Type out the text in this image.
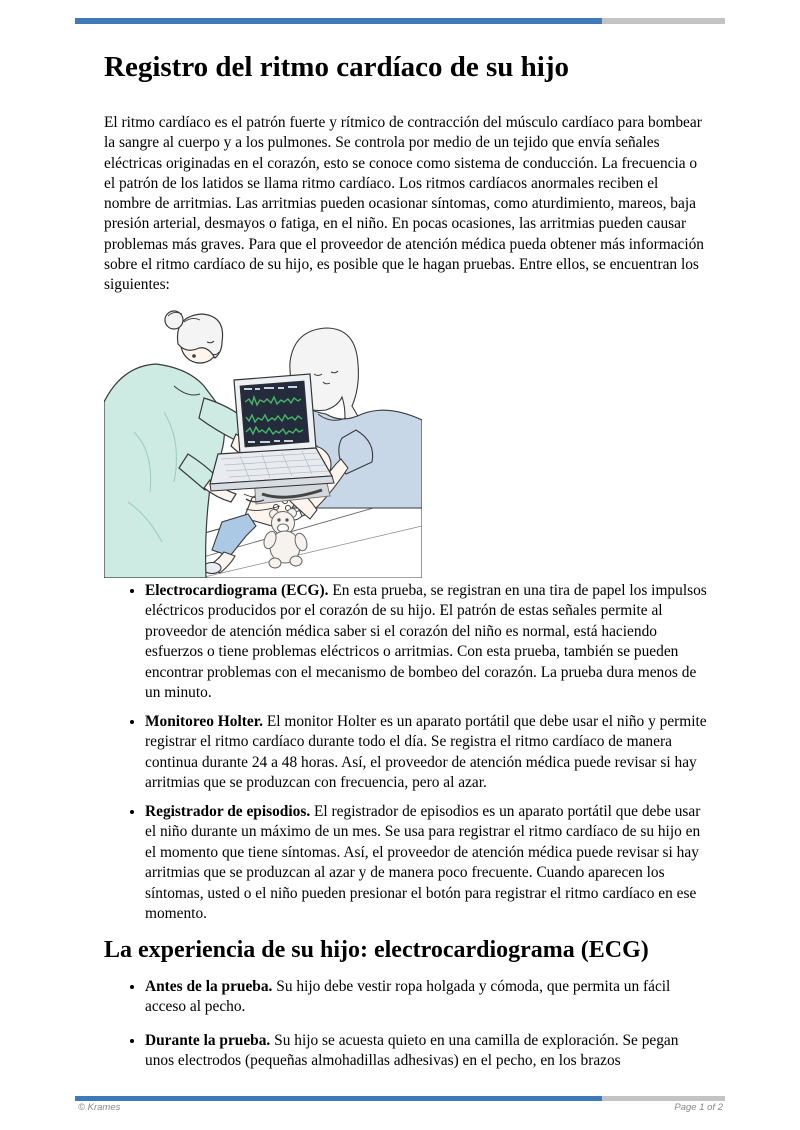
Registro del ritmo cardíaco de su hijo

El ritmo cardíaco es el patrón fuerte y rítmico de contracción del músculo cardíaco para bombear la sangre al cuerpo y a los pulmones. Se controla por medio de un tejido que envía señales eléctricas originadas en el corazón, esto se conoce como sistema de conducción. La frecuencia o el patrón de los latidos se llama ritmo cardíaco. Los ritmos cardíacos anormales reciben el nombre de arritmias. Las arritmias pueden ocasionar síntomas, como aturdimiento, mareos, baja presión arterial, desmayos o fatiga, en el niño. En pocas ocasiones, las arritmias pueden causar problemas más graves. Para que el proveedor de atención médica pueda obtener más información sobre el ritmo cardíaco de su hijo, es posible que le hagan pruebas. Entre ellos, se encuentran los siguientes:

• Electrocardiograma (ECG). En esta prueba, se registran en una tira de papel los impulsos eléctricos producidos por el corazón de su hijo. El patrón de estas señales permite al proveedor de atención médica saber si el corazón del niño es normal, está haciendo esfuerzos o tiene problemas eléctricos o arritmias. Con esta prueba, también se pueden encontrar problemas con el mecanismo de bombeo del corazón. La prueba dura menos de un minuto.
• Monitoreo Holter. El monitor Holter es un aparato portátil que debe usar el niño y permite registrar el ritmo cardíaco durante todo el día. Se registra el ritmo cardíaco de manera continua durante 24 a 48 horas. Así, el proveedor de atención médica puede revisar si hay arritmias que se produzcan con frecuencia, pero al azar.
• Registrador de episodios. El registrador de episodios es un aparato portátil que debe usar el niño durante un máximo de un mes. Se usa para registrar el ritmo cardíaco de su hijo en el momento que tiene síntomas. Así, el proveedor de atención médica puede revisar si hay arritmias que se produzcan al azar y de manera poco frecuente. Cuando aparecen los síntomas, usted o el niño pueden presionar el botón para registrar el ritmo cardíaco en ese momento.
La experiencia de su hijo: electrocardiograma (ECG)
• Antes de la prueba. Su hijo debe vestir ropa holgada y cómoda, que permita un fácil acceso al pecho.
• Durante la prueba. Su hijo se acuesta quieto en una camilla de exploración. Se pegan unos electrodos (pequeñas almohadillas adhesivas) en el pecho, en los brazos
© Krames	Page 1 of 2
